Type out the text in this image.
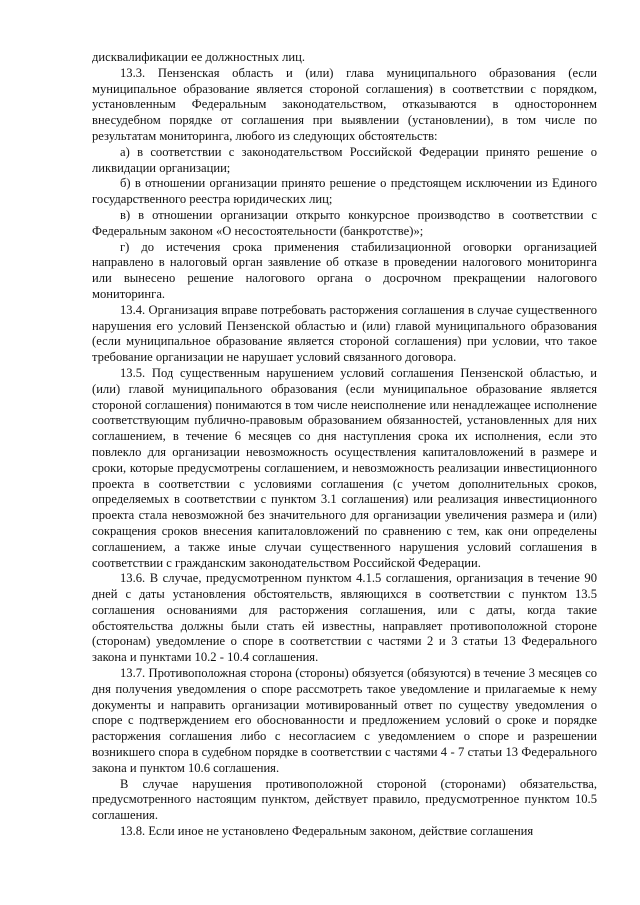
дисквалификации ее должностных лиц.

13.3. Пензенская область и (или) глава муниципального образования (если муниципальное образование является стороной соглашения) в соответствии с порядком, установленным Федеральным законодательством, отказываются в одностороннем внесудебном порядке от соглашения при выявлении (установлении), в том числе по результатам мониторинга, любого из следующих обстоятельств:

а) в соответствии с законодательством Российской Федерации принято решение о ликвидации организации;

б) в отношении организации принято решение о предстоящем исключении из Единого государственного реестра юридических лиц;

в) в отношении организации открыто конкурсное производство в соответствии с Федеральным законом «О несостоятельности (банкротстве)»;

г) до истечения срока применения стабилизационной оговорки организацией направлено в налоговый орган заявление об отказе в проведении налогового мониторинга или вынесено решение налогового органа о досрочном прекращении налогового мониторинга.

13.4. Организация вправе потребовать расторжения соглашения в случае существенного нарушения его условий Пензенской областью и (или) главой муниципального образования (если муниципальное образование является стороной соглашения) при условии, что такое требование организации не нарушает условий связанного договора.

13.5. Под существенным нарушением условий соглашения Пензенской областью, и (или) главой муниципального образования (если муниципальное образование является стороной соглашения) понимаются в том числе неисполнение или ненадлежащее исполнение соответствующим публично-правовым образованием обязанностей, установленных для них соглашением, в течение 6 месяцев со дня наступления срока их исполнения, если это повлекло для организации невозможность осуществления капиталовложений в размере и сроки, которые предусмотрены соглашением, и невозможность реализации инвестиционного проекта в соответствии с условиями соглашения (с учетом дополнительных сроков, определяемых в соответствии с пунктом 3.1 соглашения) или реализация инвестиционного проекта стала невозможной без значительного для организации увеличения размера и (или) сокращения сроков внесения капиталовложений по сравнению с тем, как они определены соглашением, а также иные случаи существенного нарушения условий соглашения в соответствии с гражданским законодательством Российской Федерации.

13.6. В случае, предусмотренном пунктом 4.1.5 соглашения, организация в течение 90 дней с даты установления обстоятельств, являющихся в соответствии с пунктом 13.5 соглашения основаниями для расторжения соглашения, или с даты, когда такие обстоятельства должны были стать ей известны, направляет противоположной стороне (сторонам) уведомление о споре в соответствии с частями 2 и 3 статьи 13 Федерального закона и пунктами 10.2 - 10.4 соглашения.

13.7. Противоположная сторона (стороны) обязуется (обязуются) в течение 3 месяцев со дня получения уведомления о споре рассмотреть такое уведомление и прилагаемые к нему документы и направить организации мотивированный ответ по существу уведомления о споре с подтверждением его обоснованности и предложением условий о сроке и порядке расторжения соглашения либо с несогласием с уведомлением о споре и разрешении возникшего спора в судебном порядке в соответствии с частями 4 - 7 статьи 13 Федерального закона и пунктом 10.6 соглашения.

В случае нарушения противоположной стороной (сторонами) обязательства, предусмотренного настоящим пунктом, действует правило, предусмотренное пунктом 10.5 соглашения.

13.8. Если иное не установлено Федеральным законом, действие соглашения
